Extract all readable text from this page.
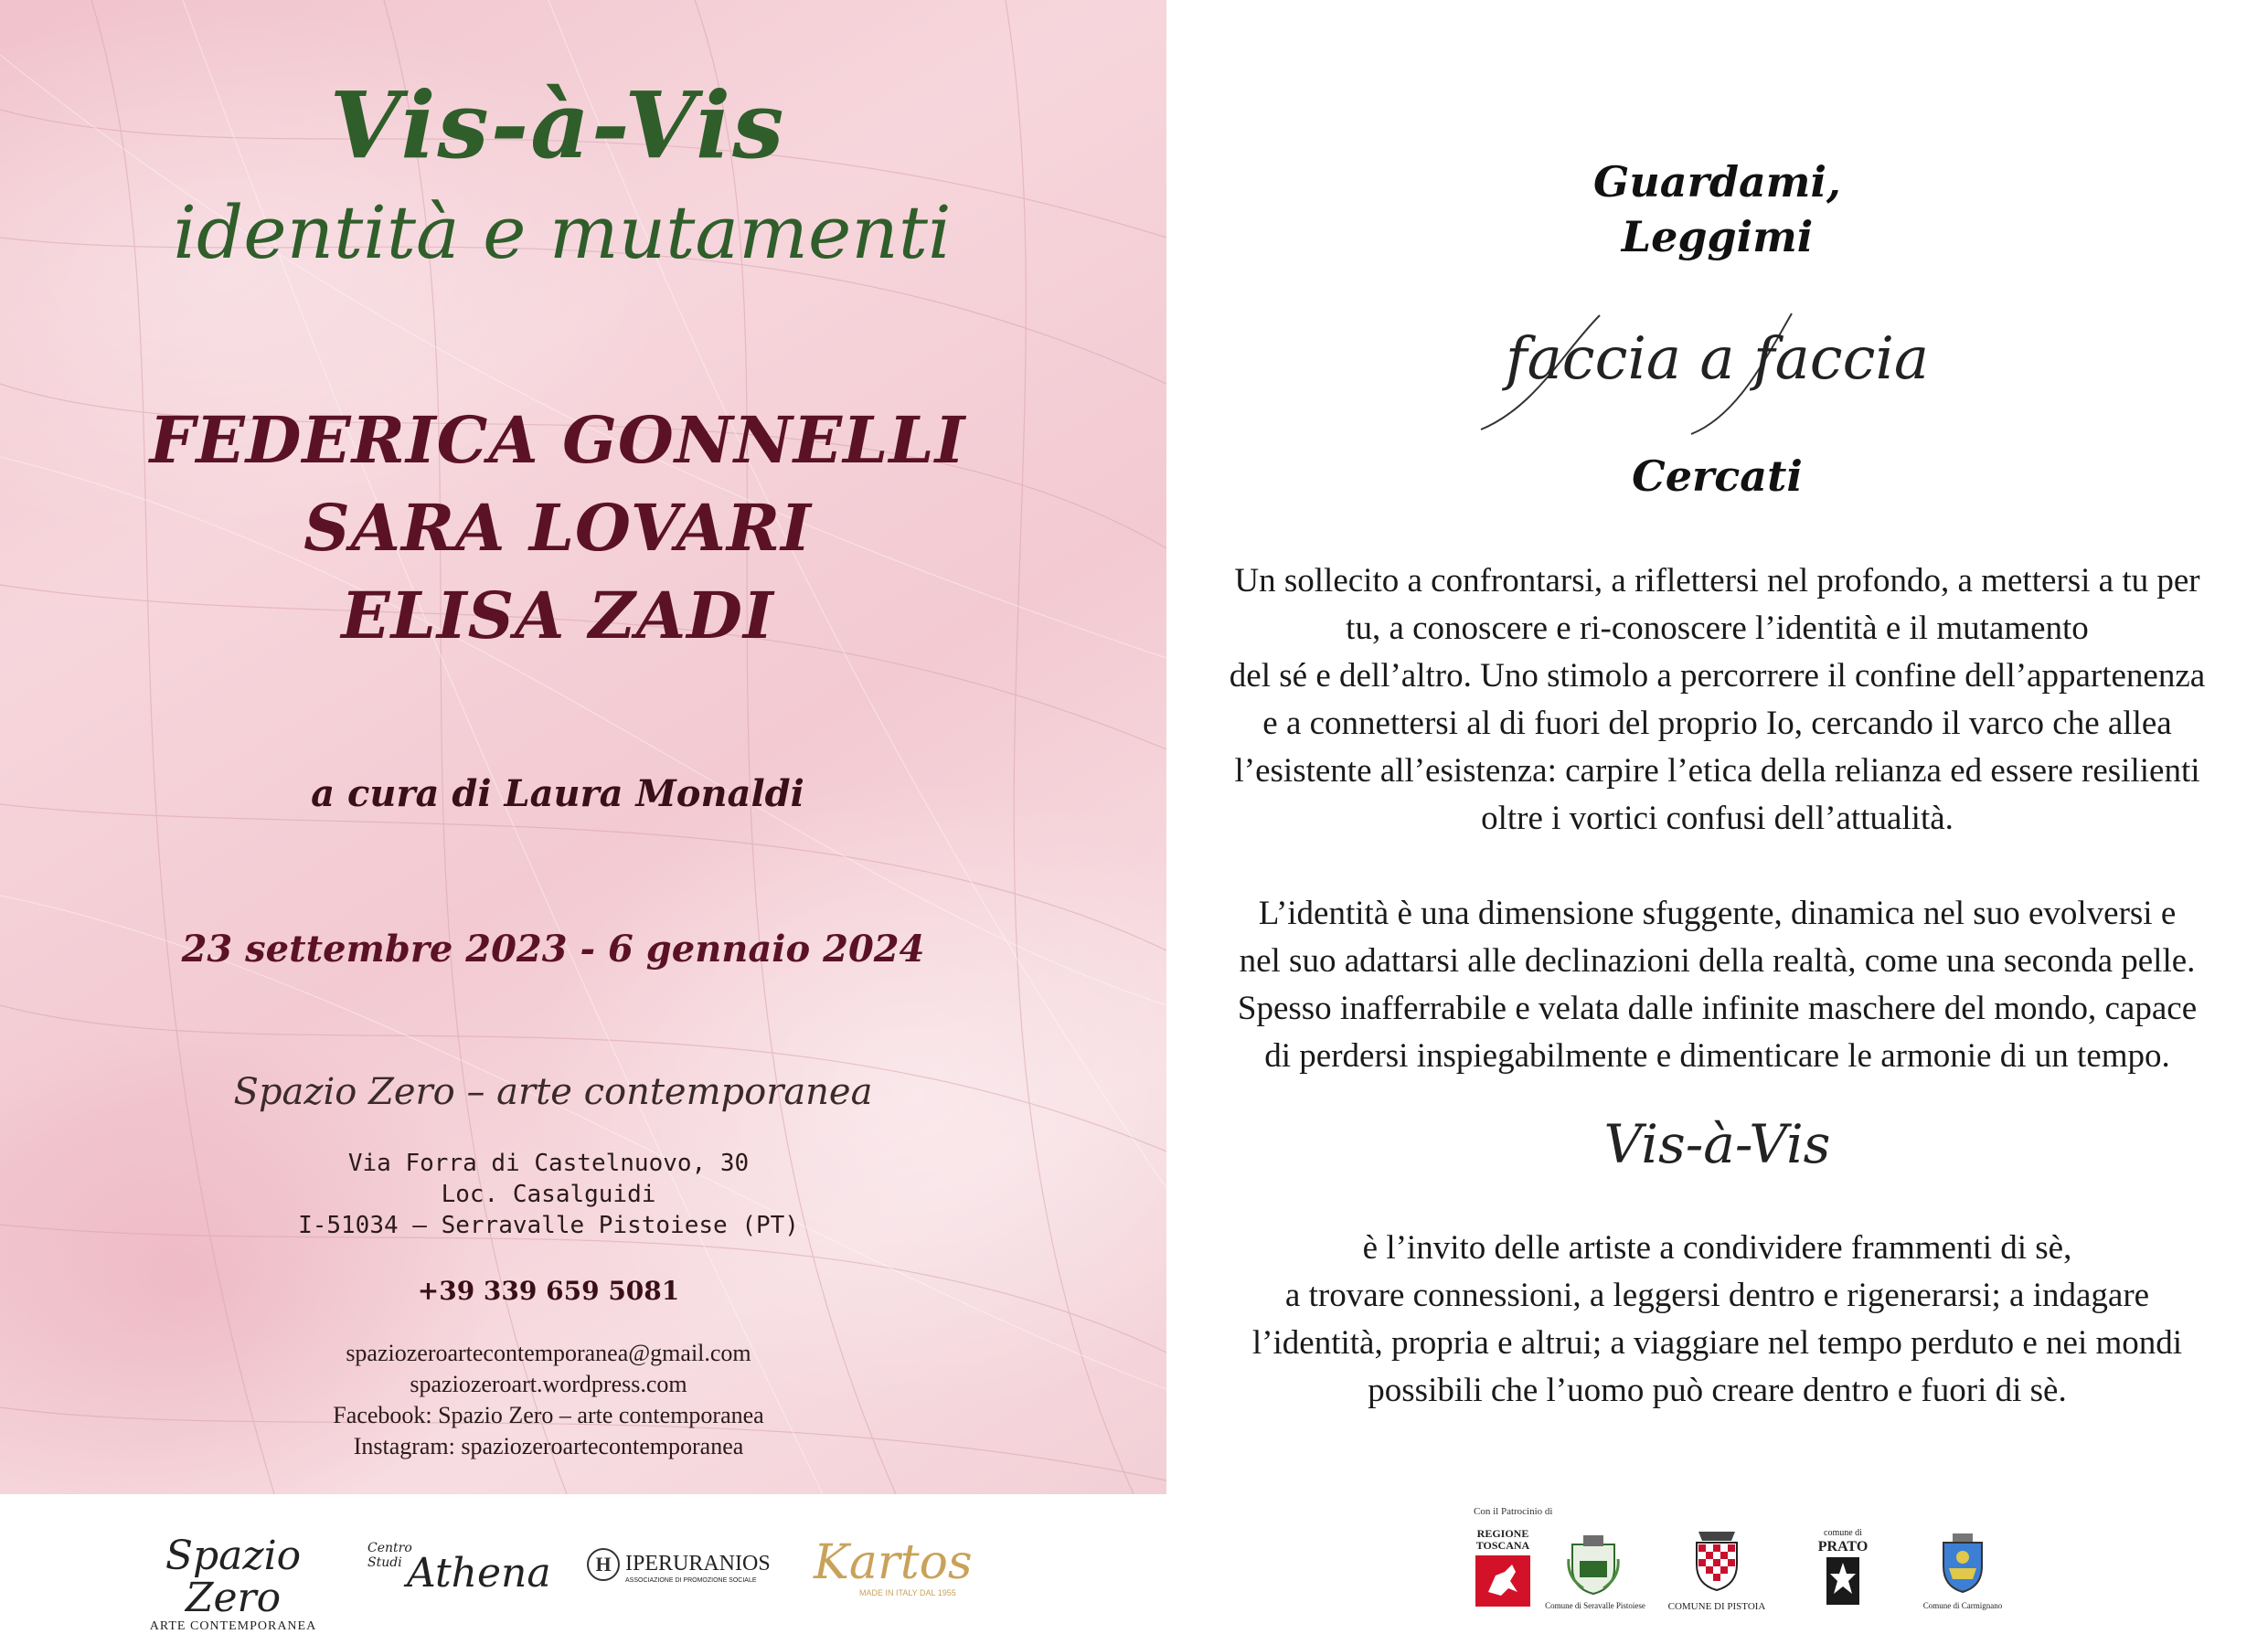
Vis-à-Vis
identità e mutamenti
FEDERICA GONNELLI
SARA LOVARI
ELISA ZADI
a cura di Laura Monaldi
23 settembre 2023 - 6 gennaio 2024
Spazio Zero – arte contemporanea
Via Forra di Castelnuovo, 30
Loc. Casalguidi
I-51034 – Serravalle Pistoiese (PT)
+39 339 659 5081
spaziozeroartecontemporanea@gmail.com
spaziozeroart.wordpress.com
Facebook: Spazio Zero – arte contemporanea
Instagram: spaziozeroartecontemporanea
Guardami,
Leggimi
faccia a faccia
Cercati
Un sollecito a confrontarsi, a riflettersi nel profondo, a mettersi a tu per
tu, a conoscere e ri-conoscere l’identità e il mutamento
del sé e dell’altro. Uno stimolo a percorrere il confine dell’appartenenza
e a connettersi al di fuori del proprio Io, cercando il varco che allea
l’esistente all’esistenza: carpire l’etica della relianza ed essere resilienti
oltre i vortici confusi dell’attualità.
L’identità è una dimensione sfuggente, dinamica nel suo evolversi e
nel suo adattarsi alle declinazioni della realtà, come una seconda pelle.
Spesso inafferrabile e velata dalle infinite maschere del mondo, capace
di perdersi inspiegabilmente e dimenticare le armonie di un tempo.
Vis-à-Vis
è l’invito delle artiste a condividere frammenti di sè,
a trovare connessioni, a leggersi dentro e rigenerarsi; a indagare
l’identità, propria e altrui; a viaggiare nel tempo perduto e nei mondi
possibili che l’uomo può creare dentro e fuori di sè.
Spazio Zero
ARTE CONTEMPORANEA
Centro
Studi Athena	H IPERURANIOS
ASSOCIAZIONE DI PROMOZIONE SOCIALE Kartos
MADE IN ITALY DAL 1955
Con il Patrocinio di
REGIONE
TOSCANA
Comune di Seravalle Pistoiese	COMUNE DI PISTOIA
comune di
PRATO
Comune di Carmignano
